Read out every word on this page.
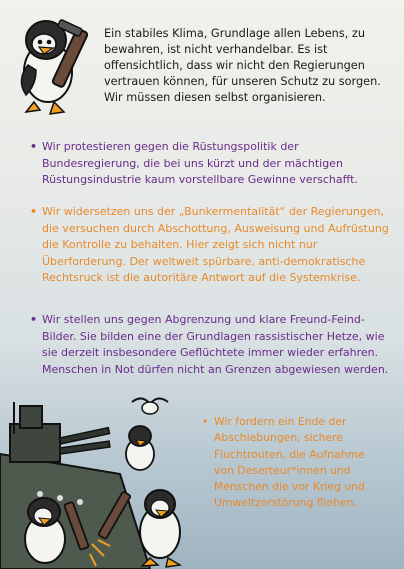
Ein stabiles Klima, Grundlage allen Lebens, zu bewahren, ist nicht verhandelbar. Es ist offensichtlich, dass wir nicht den Regierungen vertrauen können, für unseren Schutz zu sorgen. Wir müssen diesen selbst organisieren.

• Wir protestieren gegen die Rüstungspolitik der Bundesregierung, die bei uns kürzt und der mächtigen Rüstungsindustrie kaum vorstellbare Gewinne verschafft.

• Wir widersetzen uns der „Bunkermentalität“ der Regierungen, die versuchen durch Abschottung, Ausweisung und Aufrüstung die Kontrolle zu behalten. Hier zeigt sich nicht nur Überforderung. Der weltweit spürbare, anti-demokratische Rechtsruck ist die autoritäre Antwort auf die Systemkrise.

• Wir stellen uns gegen Abgrenzung und klare Freund-Feind-Bilder. Sie bilden eine der Grundlagen rassistischer Hetze, wie sie derzeit insbesondere Geflüchtete immer wieder erfahren. Menschen in Not dürfen nicht an Grenzen abgewiesen werden.

• Wir fordern ein Ende der Abschiebungen, sichere Fluchtrouten, die Aufnahme von Deserteur*innen und Menschen die vor Krieg und Umweltzerstörung fliehen.
